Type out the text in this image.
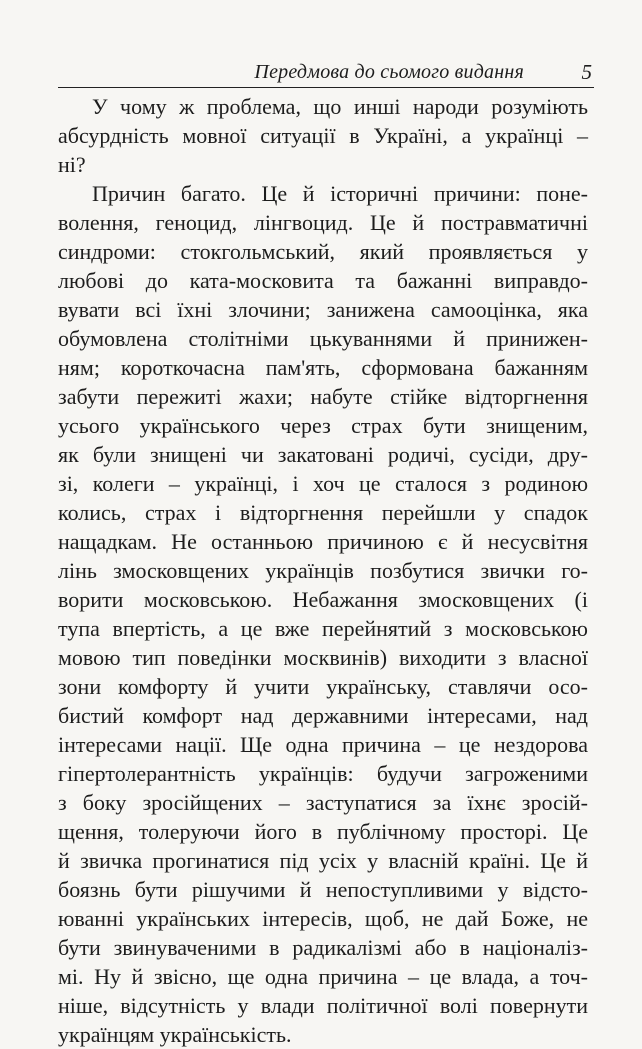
Передмова до сьомого видання	5
У чому ж проблема, що инші народи розуміють
абсурдність мовної ситуації в Україні, а українці –
ні?
Причин багато. Це й історичні причини: поне-
волення, геноцид, лінгвоцид. Це й постравматичні
синдроми: стокгольмський, який проявляється у
любові до ката-московита та бажанні виправдо-
вувати всі їхні злочини; занижена самооцінка, яка
обумовлена столітніми цькуваннями й принижен-
ням; короткочасна пам'ять, сформована бажанням
забути пережиті жахи; набуте стійке відторгнення
усього українського через страх бути знищеним,
як були знищені чи закатовані родичі, сусіди, дру-
зі, колеги – українці, і хоч це сталося з родиною
колись, страх і відторгнення перейшли у спадок
нащадкам. Не останньою причиною є й несусвітня
лінь змосковщених українців позбутися звички го-
ворити московською. Небажання змосковщених (і
тупа впертість, а це вже перейнятий з московською
мовою тип поведінки москвинів) виходити з власної
зони комфорту й учити українську, ставлячи осо-
бистий комфорт над державними інтересами, над
інтересами нації. Ще одна причина – це нездорова
гіпертолерантність українців: будучи загроженими
з боку зросійщених – заступатися за їхнє зросій-
щення, толеруючи його в публічному просторі. Це
й звичка прогинатися під усіх у власній країні. Це й
боязнь бути рішучими й непоступливими у відсто-
юванні українських інтересів, щоб, не дай Боже, не
бути звинуваченими в радикалізмі або в націоналіз-
мі. Ну й звісно, ще одна причина – це влада, а точ-
ніше, відсутність у влади політичної волі повернути
українцям українськість.
